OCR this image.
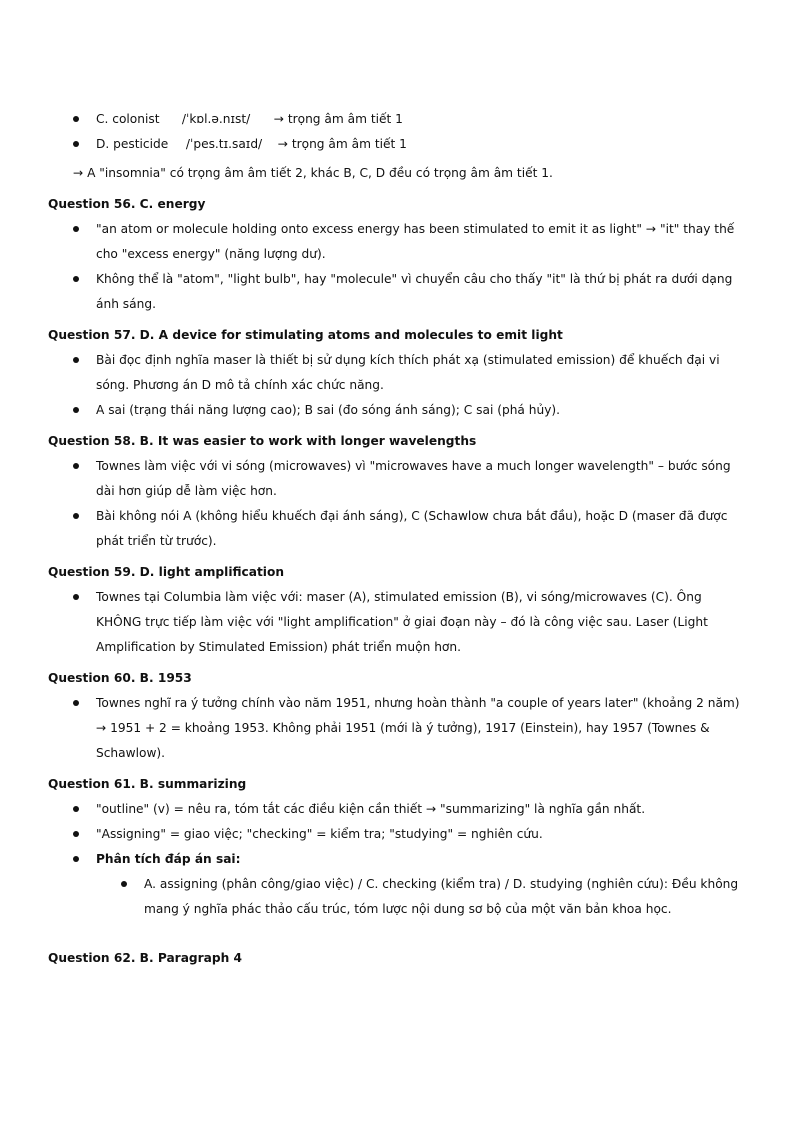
C. colonist /ˈkɒl.ə.nɪst/ → trọng âm âm tiết 1
D. pesticide /ˈpes.tɪ.saɪd/ → trọng âm âm tiết 1
→ A "insomnia" có trọng âm âm tiết 2, khác B, C, D đều có trọng âm âm tiết 1.
Question 56. C. energy
"an atom or molecule holding onto excess energy has been stimulated to emit it as light" → "it" thay thế cho "excess energy" (năng lượng dư).
Không thể là "atom", "light bulb", hay "molecule" vì chuyển câu cho thấy "it" là thứ bị phát ra dưới dạng ánh sáng.
Question 57. D. A device for stimulating atoms and molecules to emit light
Bài đọc định nghĩa maser là thiết bị sử dụng kích thích phát xạ (stimulated emission) để khuếch đại vi sóng. Phương án D mô tả chính xác chức năng.
A sai (trạng thái năng lượng cao); B sai (đo sóng ánh sáng); C sai (phá hủy).
Question 58. B. It was easier to work with longer wavelengths
Townes làm việc với vi sóng (microwaves) vì "microwaves have a much longer wavelength" – bước sóng dài hơn giúp dễ làm việc hơn.
Bài không nói A (không hiểu khuếch đại ánh sáng), C (Schawlow chưa bắt đầu), hoặc D (maser đã được phát triển từ trước).
Question 59. D. light amplification
Townes tại Columbia làm việc với: maser (A), stimulated emission (B), vi sóng/microwaves (C). Ông KHÔNG trực tiếp làm việc với "light amplification" ở giai đoạn này – đó là công việc sau. Laser (Light Amplification by Stimulated Emission) phát triển muộn hơn.
Question 60. B. 1953
Townes nghĩ ra ý tưởng chính vào năm 1951, nhưng hoàn thành "a couple of years later" (khoảng 2 năm) → 1951 + 2 = khoảng 1953. Không phải 1951 (mới là ý tưởng), 1917 (Einstein), hay 1957 (Townes & Schawlow).
Question 61. B. summarizing
"outline" (v) = nêu ra, tóm tắt các điều kiện cần thiết → "summarizing" là nghĩa gần nhất.
"Assigning" = giao việc; "checking" = kiểm tra; "studying" = nghiên cứu.
Phân tích đáp án sai:
A. assigning (phân công/giao việc) / C. checking (kiểm tra) / D. studying (nghiên cứu): Đều không mang ý nghĩa phác thảo cấu trúc, tóm lược nội dung sơ bộ của một văn bản khoa học.
Question 62. B. Paragraph 4
